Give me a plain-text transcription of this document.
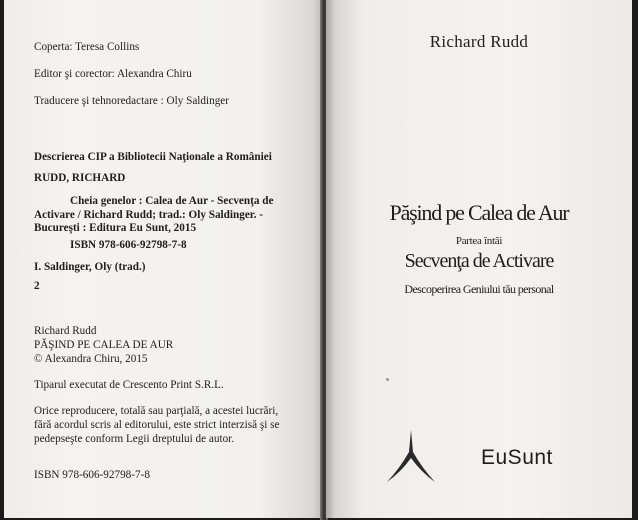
Coperta: Teresa Collins
Editor şi corector: Alexandra Chiru
Traducere şi tehnoredactare : Oly Saldinger
Descrierea CIP a Bibliotecii Naţionale a României
RUDD, RICHARD
Cheia genelor : Calea de Aur - Secvenţa de Activare / Richard Rudd; trad.: Oly Saldinger. - Bucureşti : Editura Eu Sunt, 2015
ISBN 978-606-92798-7-8
I. Saldinger, Oly (trad.)
2
Richard Rudd
PĂŞIND PE CALEA DE AUR
© Alexandra Chiru, 2015
Tiparul executat de Crescento Print S.R.L.
Orice reproducere, totală sau parţială, a acestei lucrări,
fără acordul scris al editorului, este strict interzisă şi se
pedepseşte conform Legii dreptului de autor.
ISBN 978-606-92798-7-8
Richard Rudd
Păşind pe Calea de Aur
Partea întâi
Secvenţa de Activare
Descoperirea Geniului tău personal
EuSunt
